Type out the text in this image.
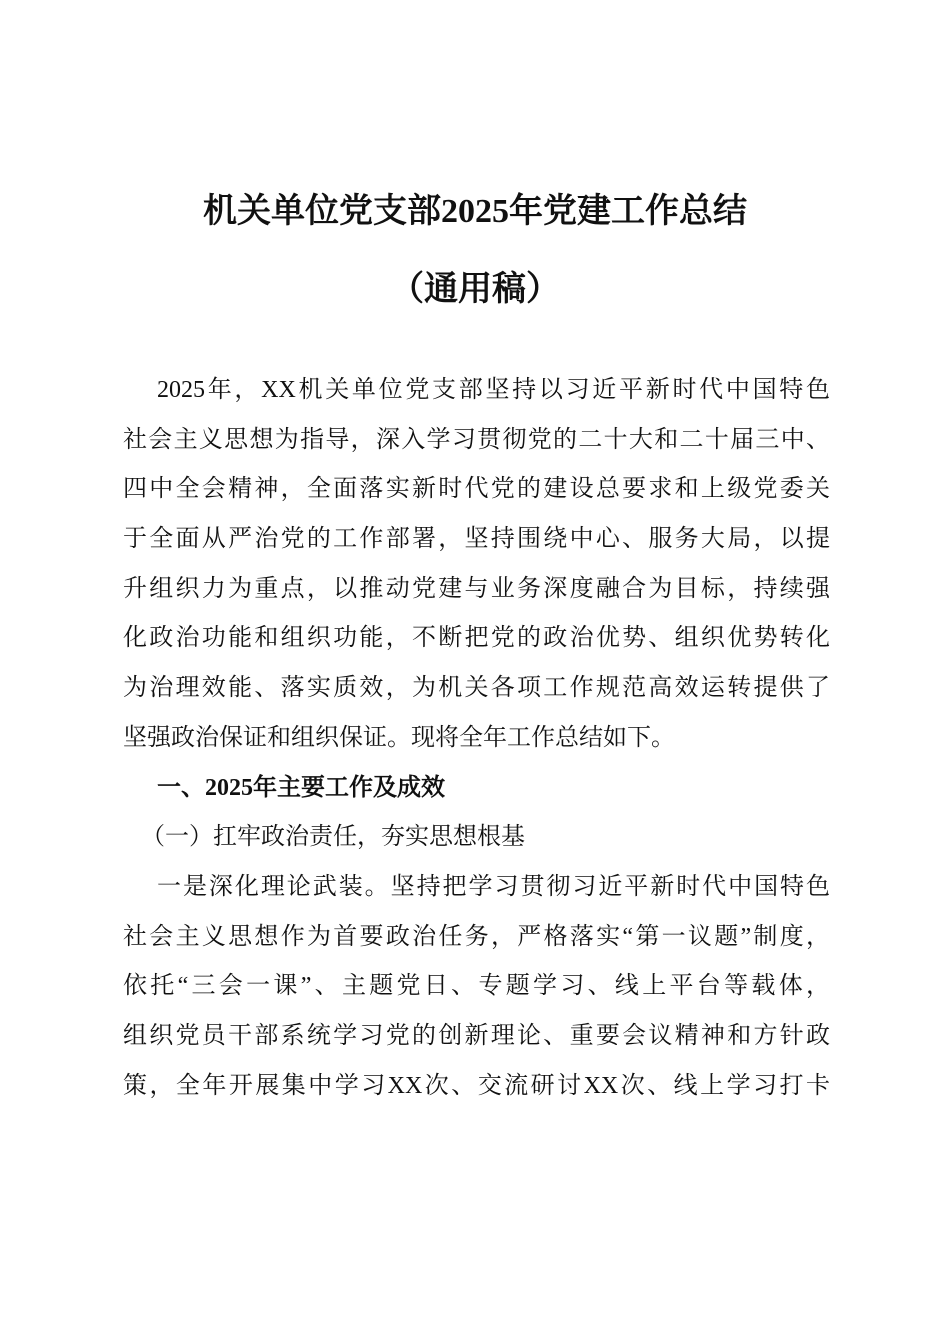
机关单位党支部2025年党建工作总结
（通用稿）
2025年，XX机关单位党支部坚持以习近平新时代中国特色
社会主义思想为指导，深入学习贯彻党的二十大和二十届三中、
四中全会精神，全面落实新时代党的建设总要求和上级党委关
于全面从严治党的工作部署，坚持围绕中心、服务大局，以提
升组织力为重点，以推动党建与业务深度融合为目标，持续强
化政治功能和组织功能，不断把党的政治优势、组织优势转化
为治理效能、落实质效，为机关各项工作规范高效运转提供了
坚强政治保证和组织保证。现将全年工作总结如下。
一、2025年主要工作及成效
（一）扛牢政治责任，夯实思想根基
一是深化理论武装。坚持把学习贯彻习近平新时代中国特色
社会主义思想作为首要政治任务，严格落实“第一议题”制度，
依托“三会一课”、主题党日、专题学习、线上平台等载体，
组织党员干部系统学习党的创新理论、重要会议精神和方针政
策，全年开展集中学习XX次、交流研讨XX次、线上学习打卡
